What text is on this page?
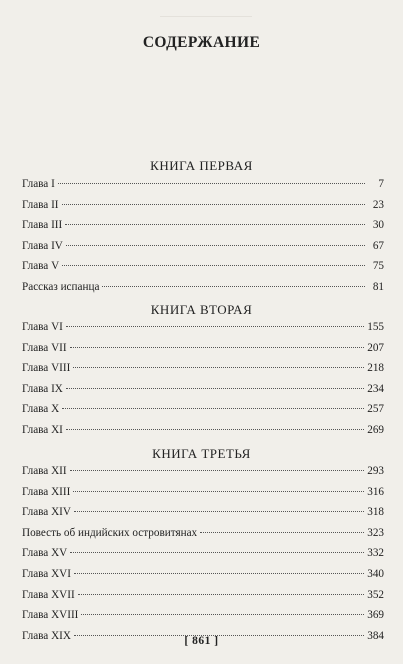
СОДЕРЖАНИЕ
КНИГА ПЕРВАЯ
Глава I	7
Глава II	23
Глава III	30
Глава IV	67
Глава V	75
Рассказ испанца	81
КНИГА ВТОРАЯ
Глава VI	155
Глава VII	207
Глава VIII	218
Глава IX	234
Глава X	257
Глава XI	269
КНИГА ТРЕТЬЯ
Глава XII	293
Глава XIII	316
Глава XIV	318
Повесть об индийских островитянах	323
Глава XV	332
Глава XVI	340
Глава XVII	352
Глава XVIII	369
Глава XIX	384
[ 861 ]
